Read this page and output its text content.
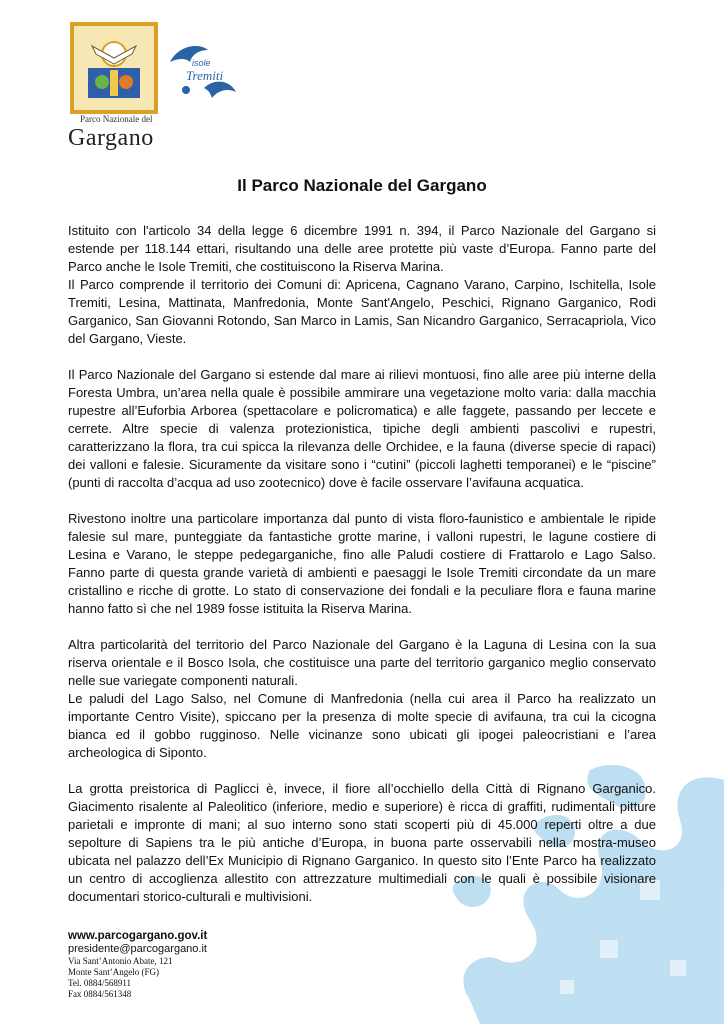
Parco Nazionale del
Gargano
isole
Tremiti
Il Parco Nazionale del Gargano

Istituito con l'articolo 34 della legge 6 dicembre 1991 n. 394, il Parco Nazionale del Gargano si estende per 118.144 ettari, risultando una delle aree protette più vaste d’Europa. Fanno parte del Parco anche le Isole Tremiti, che costituiscono la Riserva Marina.

Il Parco comprende il territorio dei Comuni di: Apricena, Cagnano Varano, Carpino, Ischitella, Isole Tremiti, Lesina, Mattinata, Manfredonia, Monte Sant'Angelo, Peschici, Rignano Garganico, Rodi Garganico, San Giovanni Rotondo, San Marco in Lamis, San Nicandro Garganico, Serracapriola, Vico del Gargano, Vieste.

Il Parco Nazionale del Gargano si estende dal mare ai rilievi montuosi, fino alle aree più interne della Foresta Umbra, un’area nella quale è possibile ammirare una vegetazione molto varia: dalla macchia rupestre all’Euforbia Arborea (spettacolare e policromatica) e alle faggete, passando per leccete e cerrete. Altre specie di valenza protezionistica, tipiche degli ambienti pascolivi e rupestri, caratterizzano la flora, tra cui spicca la rilevanza delle Orchidee, e la fauna (diverse specie di rapaci) dei valloni e falesie. Sicuramente da visitare sono i “cutini” (piccoli laghetti temporanei) e le “piscine” (punti di raccolta d’acqua ad uso zootecnico) dove è facile osservare l’avifauna acquatica.

Rivestono inoltre una particolare importanza dal punto di vista floro-faunistico e ambientale le ripide falesie sul mare, punteggiate da fantastiche grotte marine, i valloni rupestri, le lagune costiere di Lesina e Varano, le steppe pedegarganiche, fino alle Paludi costiere di Frattarolo e Lago Salso. Fanno parte di questa grande varietà di ambienti e paesaggi le Isole Tremiti circondate da un mare cristallino e ricche di grotte. Lo stato di conservazione dei fondali e la peculiare flora e fauna marine hanno fatto sì che nel 1989 fosse istituita la Riserva Marina.

Altra particolarità del territorio del Parco Nazionale del Gargano è la Laguna di Lesina con la sua riserva orientale e il Bosco Isola, che costituisce una parte del territorio garganico meglio conservato nelle sue variegate componenti naturali.

Le paludi del Lago Salso, nel Comune di Manfredonia (nella cui area il Parco ha realizzato un importante Centro Visite), spiccano per la presenza di molte specie di avifauna, tra cui la cicogna bianca ed il gobbo rugginoso. Nelle vicinanze sono ubicati gli ipogei paleocristiani e l’area archeologica di Siponto.

La grotta preistorica di Paglicci è, invece, il fiore all’occhiello della Città di Rignano Garganico. Giacimento risalente al Paleolitico (inferiore, medio e superiore) è ricca di graffiti, rudimentali pitture parietali e impronte di mani; al suo interno sono stati scoperti più di 45.000 reperti oltre a due sepolture di Sapiens tra le più antiche d’Europa, in buona parte osservabili nella mostra-museo ubicata nel palazzo dell’Ex Municipio di Rignano Garganico. In questo sito l’Ente Parco ha realizzato un centro di accoglienza allestito con attrezzature multimediali con le quali è possibile visionare documentari storico-culturali e multivisioni.

www.parcogargano.gov.it
presidente@parcogargano.it
Via Sant’Antonio Abate, 121
Monte Sant’Angelo (FG)
Tel. 0884/568911
Fax 0884/561348
